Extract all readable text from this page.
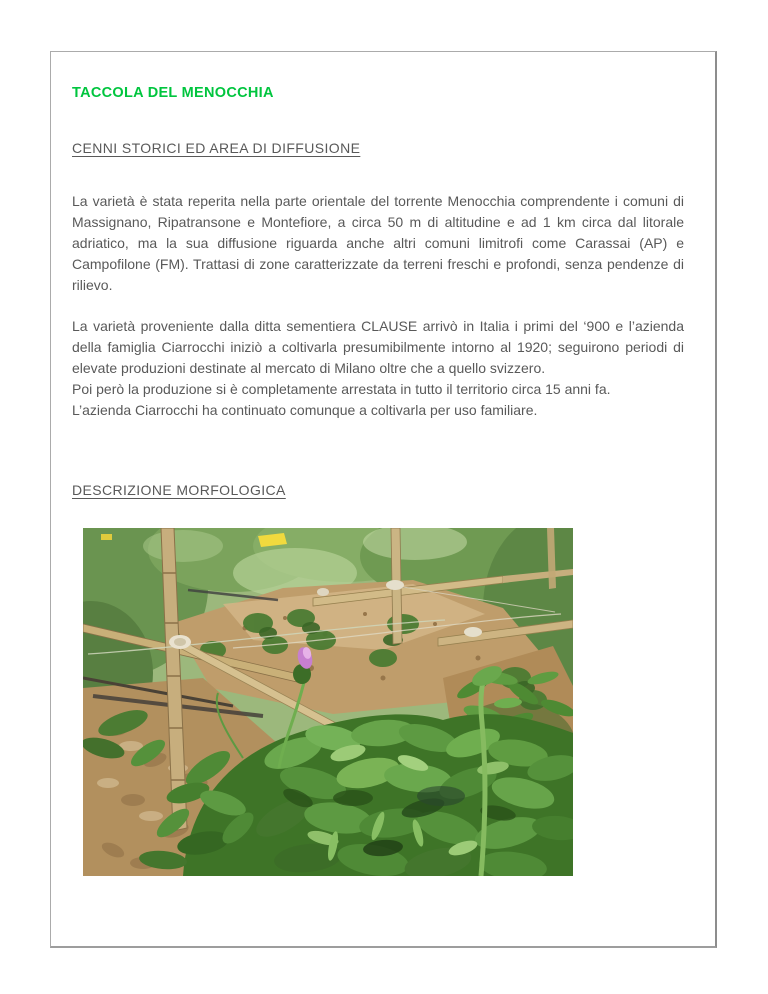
TACCOLA DEL MENOCCHIA
CENNI STORICI ED AREA DI DIFFUSIONE

La varietà è stata reperita nella parte orientale del torrente Menocchia comprendente i comuni di Massignano, Ripatransone e Montefiore, a circa 50 m di altitudine e ad 1 km circa dal litorale adriatico, ma la sua diffusione riguarda anche altri comuni limitrofi come Carassai (AP) e Campofilone (FM). Trattasi di zone caratterizzate da terreni freschi e profondi, senza pendenze di rilievo.

La varietà proveniente dalla ditta sementiera CLAUSE arrivò in Italia i primi del ‘900 e l’azienda della famiglia Ciarrocchi iniziò a coltivarla presumibilmente intorno al 1920; seguirono periodi di elevate produzioni destinate al mercato di Milano oltre che a quello svizzero.

Poi però la produzione si è completamente arrestata in tutto il territorio circa 15 anni fa.

L’azienda Ciarrocchi ha continuato comunque a coltivarla per uso familiare.

DESCRIZIONE MORFOLOGICA
